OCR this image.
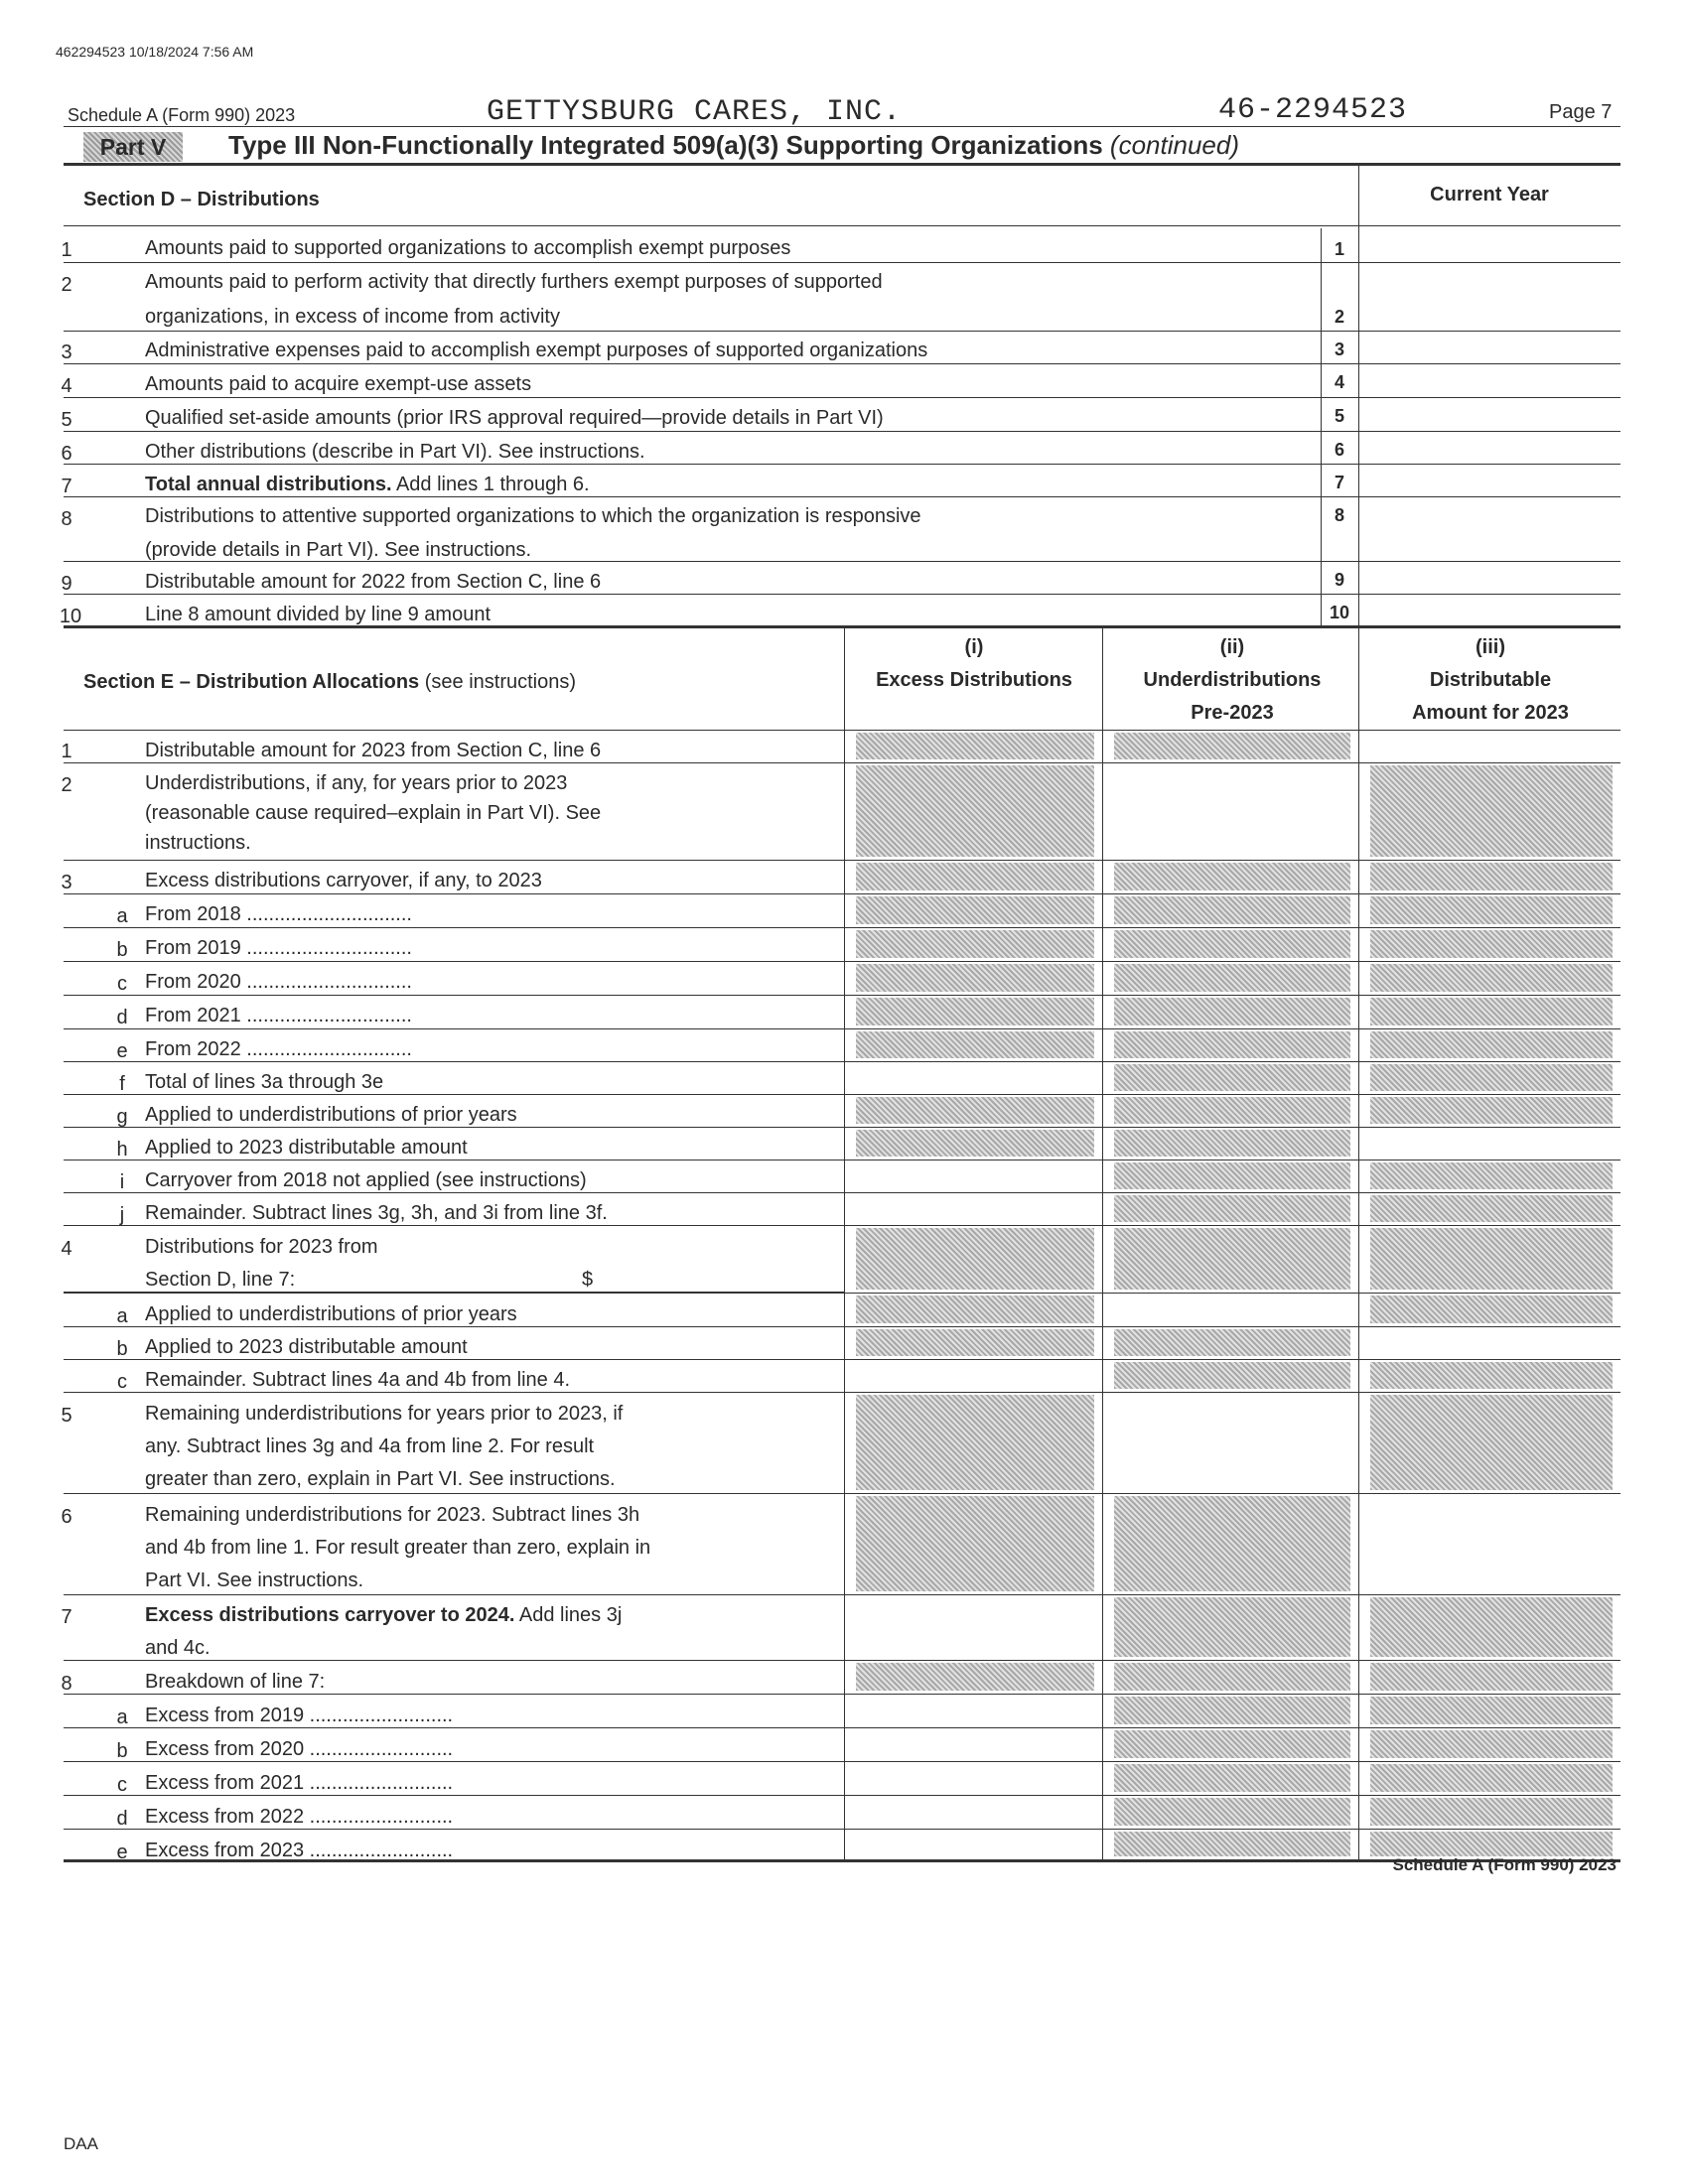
462294523 10/18/2024 7:56 AM
Schedule A (Form 990) 2023	GETTYSBURG CARES, INC.	46-2294523	Page 7
Part V	Type III Non-Functionally Integrated 509(a)(3) Supporting Organizations (continued)
Section D – Distributions	Current Year
1	Amounts paid to supported organizations to accomplish exempt purposes	1
2	Amounts paid to perform activity that directly furthers exempt purposes of supported
organizations, in excess of income from activity	2
3	Administrative expenses paid to accomplish exempt purposes of supported organizations	3
4	Amounts paid to acquire exempt-use assets	4
5	Qualified set-aside amounts (prior IRS approval required—provide details in Part VI)	5
6	Other distributions (describe in Part VI). See instructions.	6
7	Total annual distributions. Add lines 1 through 6.	7
8	Distributions to attentive supported organizations to which the organization is responsive
(provide details in Part VI). See instructions.
8
9	Distributable amount for 2022 from Section C, line 6	9
10	Line 8 amount divided by line 9 amount	10
Section E – Distribution Allocations (see instructions)
(i)
Excess Distributions
(ii)
Underdistributions
Pre-2023
(iii)
Distributable
Amount for 2023
1	Distributable amount for 2023 from Section C, line 6
2	Underdistributions, if any, for years prior to 2023
(reasonable cause required–explain in Part VI). See
instructions.
3	Excess distributions carryover, if any, to 2023
a From 2018 ..............................
b From 2019 ..............................
c From 2020 ..............................
d From 2021 ..............................
e From 2022 ..............................
f	Total of lines 3a through 3e
g Applied to underdistributions of prior years
h Applied to 2023 distributable amount
i	Carryover from 2018 not applied (see instructions)
j	Remainder. Subtract lines 3g, 3h, and 3i from line 3f.
4	Distributions for 2023 from
Section D, line 7:	$
a Applied to underdistributions of prior years
b Applied to 2023 distributable amount
c Remainder. Subtract lines 4a and 4b from line 4.
5	Remaining underdistributions for years prior to 2023, if
any. Subtract lines 3g and 4a from line 2. For result
greater than zero, explain in Part VI. See instructions.
6	Remaining underdistributions for 2023. Subtract lines 3h
and 4b from line 1. For result greater than zero, explain in
Part VI. See instructions.
7	Excess distributions carryover to 2024. Add lines 3j
and 4c.
8	Breakdown of line 7:
a Excess from 2019 ..........................
b Excess from 2020 ..........................
c Excess from 2021 ..........................
d Excess from 2022 ..........................
e Excess from 2023 ..........................
Schedule A (Form 990) 2023
DAA
